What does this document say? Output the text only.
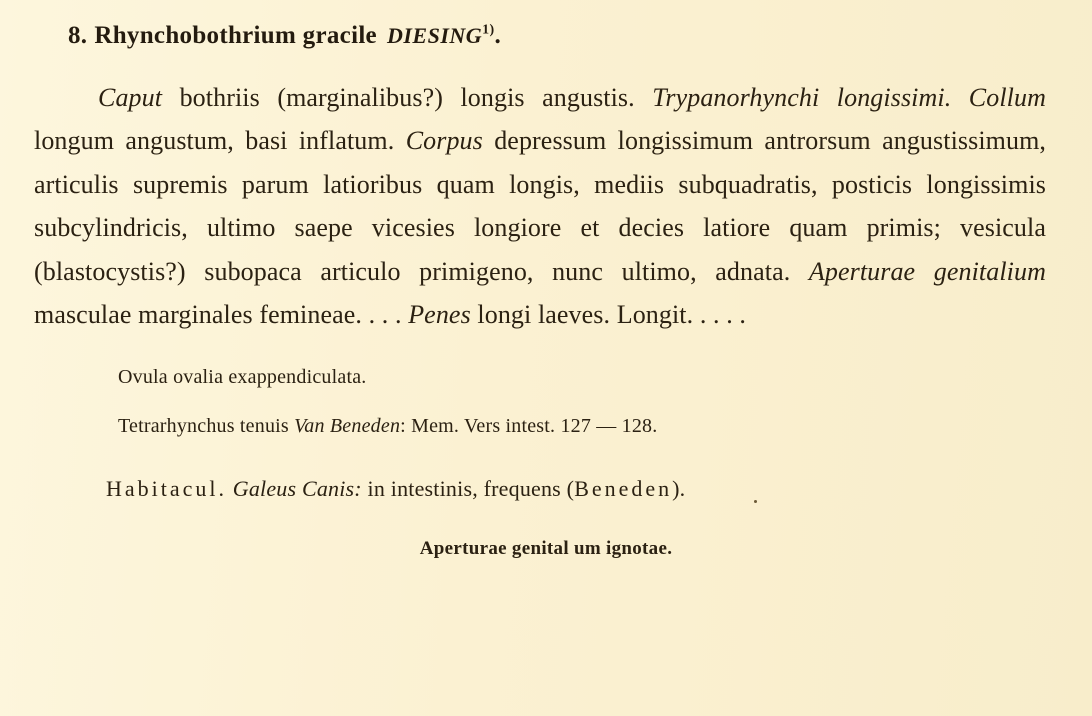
8. Rhynchobothrium gracile DIESING$^{1)}$.

Caput bothriis (marginalibus?) longis angustis. Trypanorhynchi longissimi. Collum longum angustum, basi inflatum. Corpus depressum longissimum antrorsum angustissimum, articulis supremis parum latioribus quam longis, mediis subquadratis, posticis longissimis subcylindricis, ultimo saepe vicesies longiore et decies latiore quam primis; vesicula (blastocystis?) subopaca articulo primigeno, nunc ultimo, adnata. Aperturae genitalium masculae marginales femineae. . . . Penes longi laeves. Longit. . . . .

Ovula ovalia exappendiculata.

Tetrarhynchus tenuis Van Beneden: Mem. Vers intest. 127 — 128.

Habitacul. Galeus Canis: in intestinis, frequens (Beneden).

Aperturae genital um ignotae.
